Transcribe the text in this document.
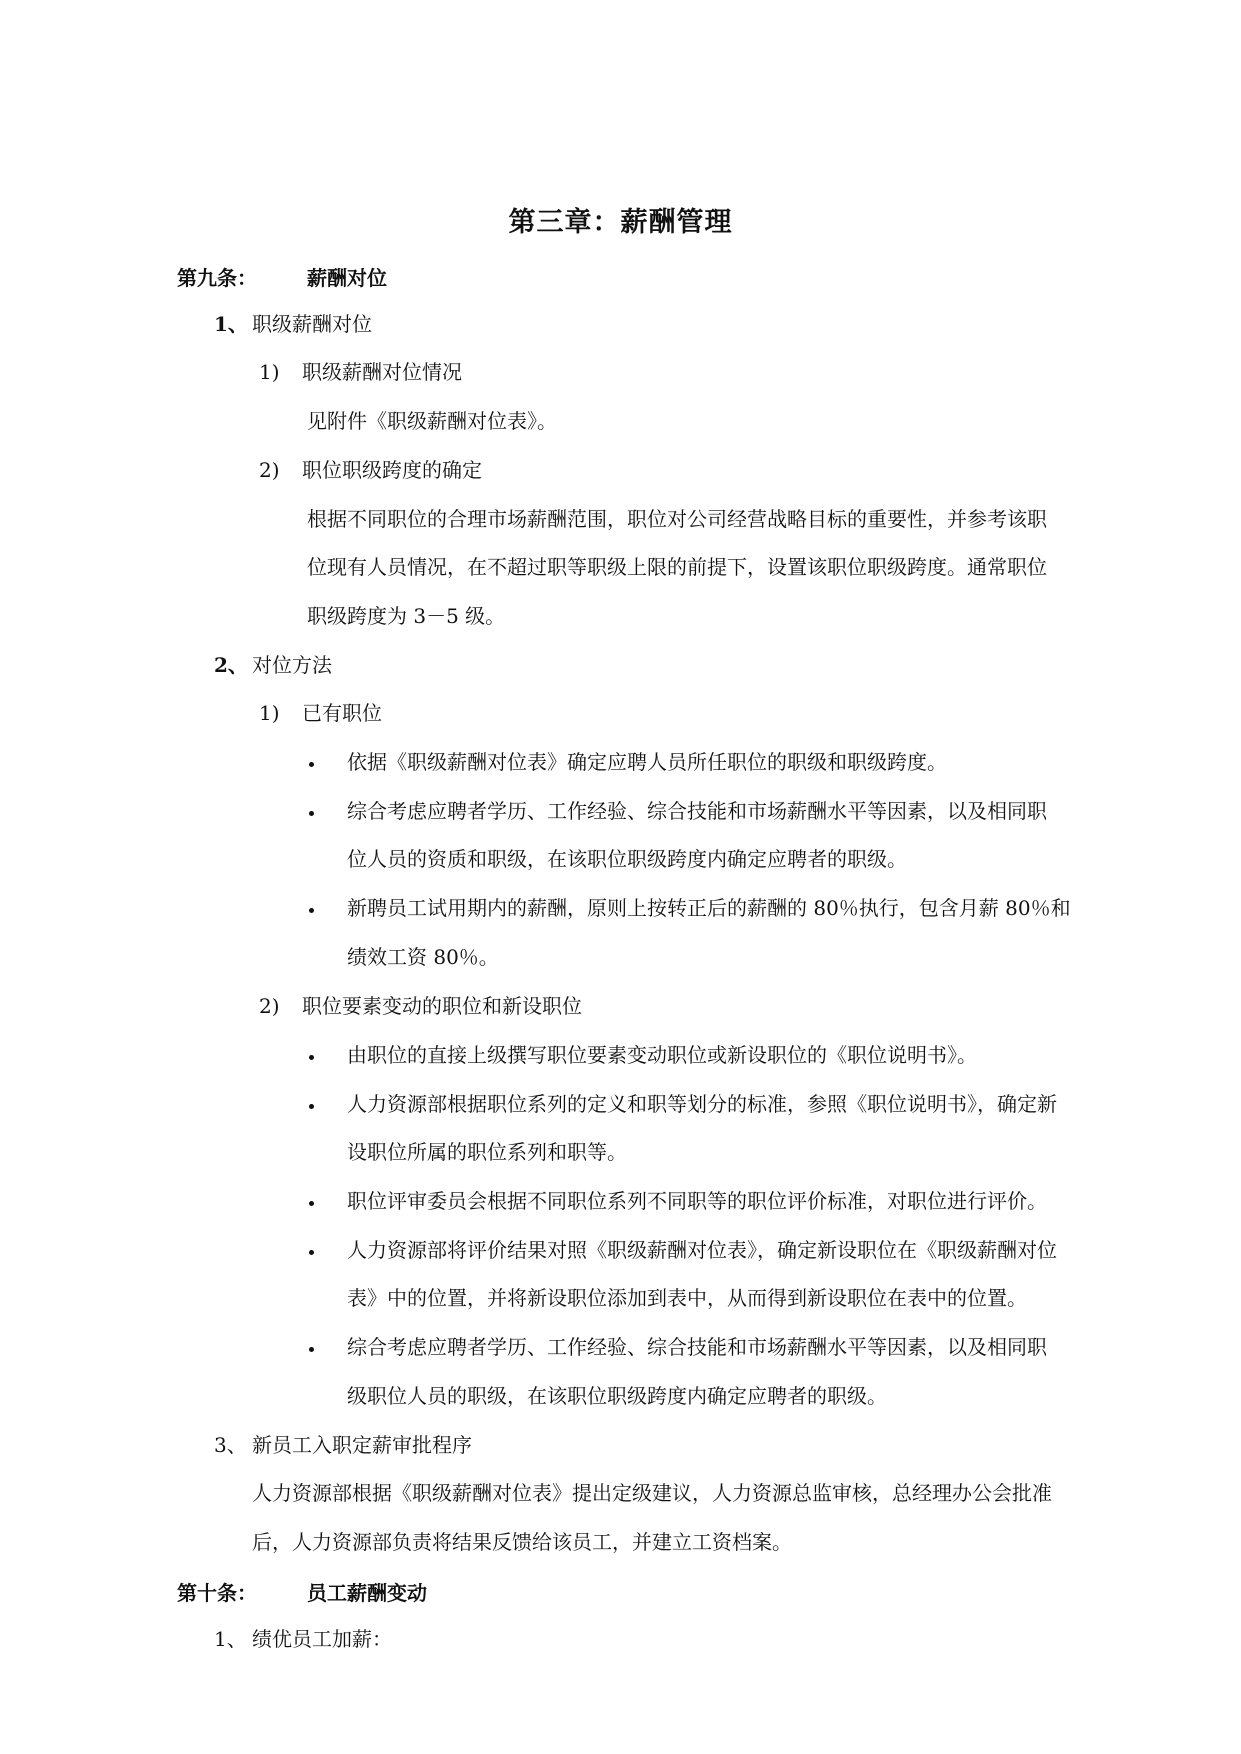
第三章：薪酬管理
第九条：	薪酬对位
1、 职级薪酬对位
1) 职级薪酬对位情况
见附件《职级薪酬对位表》。
2) 职位职级跨度的确定
根据不同职位的合理市场薪酬范围，职位对公司经营战略目标的重要性，并参考该职
位现有人员情况，在不超过职等职级上限的前提下，设置该职位职级跨度。通常职位
职级跨度为 3－5 级。
2、 对位方法
1) 已有职位
依据《职级薪酬对位表》确定应聘人员所任职位的职级和职级跨度。
综合考虑应聘者学历、工作经验、综合技能和市场薪酬水平等因素，以及相同职
位人员的资质和职级，在该职位职级跨度内确定应聘者的职级。
新聘员工试用期内的薪酬，原则上按转正后的薪酬的 80％执行，包含月薪 80％和
绩效工资 80％。
2) 职位要素变动的职位和新设职位
由职位的直接上级撰写职位要素变动职位或新设职位的《职位说明书》。
人力资源部根据职位系列的定义和职等划分的标准，参照《职位说明书》，确定新
设职位所属的职位系列和职等。
职位评审委员会根据不同职位系列不同职等的职位评价标准，对职位进行评价。
人力资源部将评价结果对照《职级薪酬对位表》，确定新设职位在《职级薪酬对位
表》中的位置，并将新设职位添加到表中，从而得到新设职位在表中的位置。
综合考虑应聘者学历、工作经验、综合技能和市场薪酬水平等因素，以及相同职
级职位人员的职级，在该职位职级跨度内确定应聘者的职级。
3、 新员工入职定薪审批程序
人力资源部根据《职级薪酬对位表》提出定级建议，人力资源总监审核，总经理办公会批准
后，人力资源部负责将结果反馈给该员工，并建立工资档案。
第十条：	员工薪酬变动
1、 绩优员工加薪：
